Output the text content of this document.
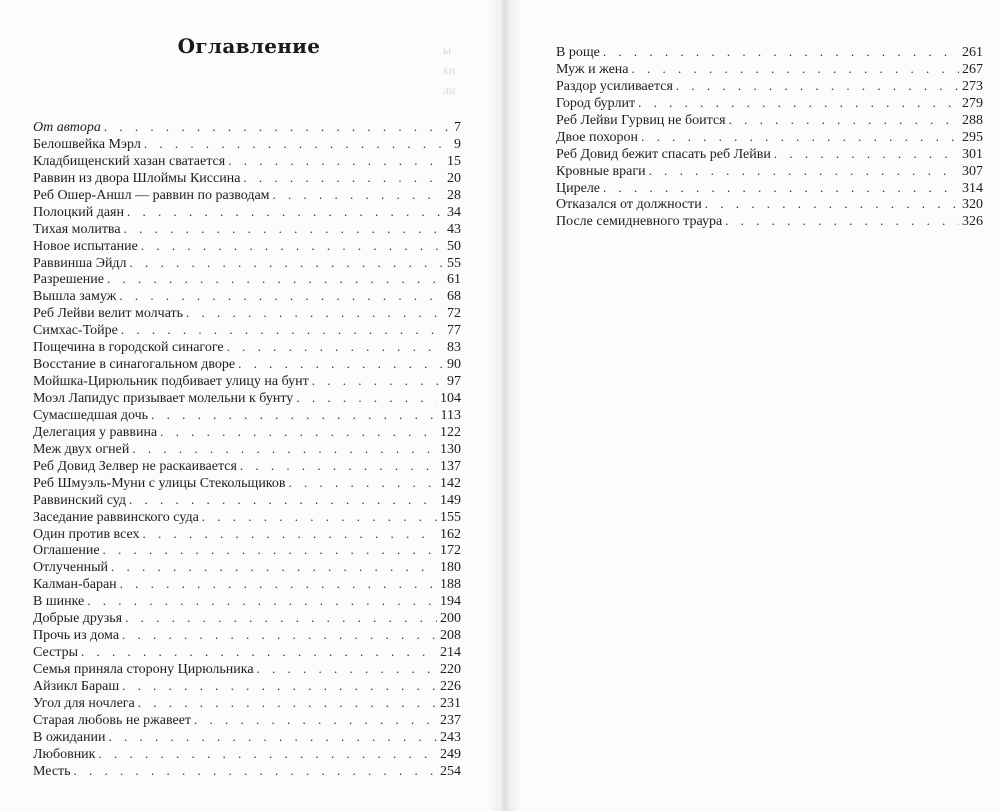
Оглавление	ы
ки
ли
От автора . . .	7
Белошвейка Мэрл . . .	9
Кладбищенский хазан сватается . . .	15
Раввин из двора Шлоймы Киссина . . .	20
Реб Ошер-Аншл — раввин по разводам . . .	28
Полоцкий даян . . .	34
Тихая молитва . . .	43
Новое испытание . . .	50
Раввинша Эйдл . . .	55
Разрешение . . .	61
Вышла замуж . . .	68
Реб Лейви велит молчать . . .	72
Симхас-Тойре . . .	77
Пощечина в городской синагоге . . .	83
Восстание в синагогальном дворе . . .	90
Мойшка-Цирюльник подбивает улицу на бунт . . .	97
Моэл Лапидус призывает молельни к бунту . . .	104
Сумасшедшая дочь . . .	113
Делегация у раввина . . .	122
Меж двух огней . . .	130
Реб Довид Зелвер не раскаивается . . .	137
Реб Шмуэль-Муни с улицы Стекольщиков . . .	142
Раввинский суд . . .	149
Заседание раввинского суда . . .	155
Один против всех . . .	162
Оглашение . . .	172
Отлученный . . .	180
Калман-баран . . .	188
В шинке . . .	194
Добрые друзья . . .	200
Прочь из дома . . .	208
Сестры . . .	214
Семья приняла сторону Цирюльника . . .	220
Айзикл Бараш . . .	226
Угол для ночлега . . .	231
Старая любовь не ржавеет . . .	237
В ожидании . . .	243
Любовник . . .	249
Месть . . .	254
В роще . . .	261
Муж и жена . . .	267
Раздор усиливается . . .	273
Город бурлит . . .	279
Реб Лейви Гурвиц не боится . . .	288
Двое похорон . . .	295
Реб Довид бежит спасать реб Лейви . . .	301
Кровные враги . . .	307
Циреле . . .	314
Отказался от должности . . .	320
После семидневного траура . . .	326
